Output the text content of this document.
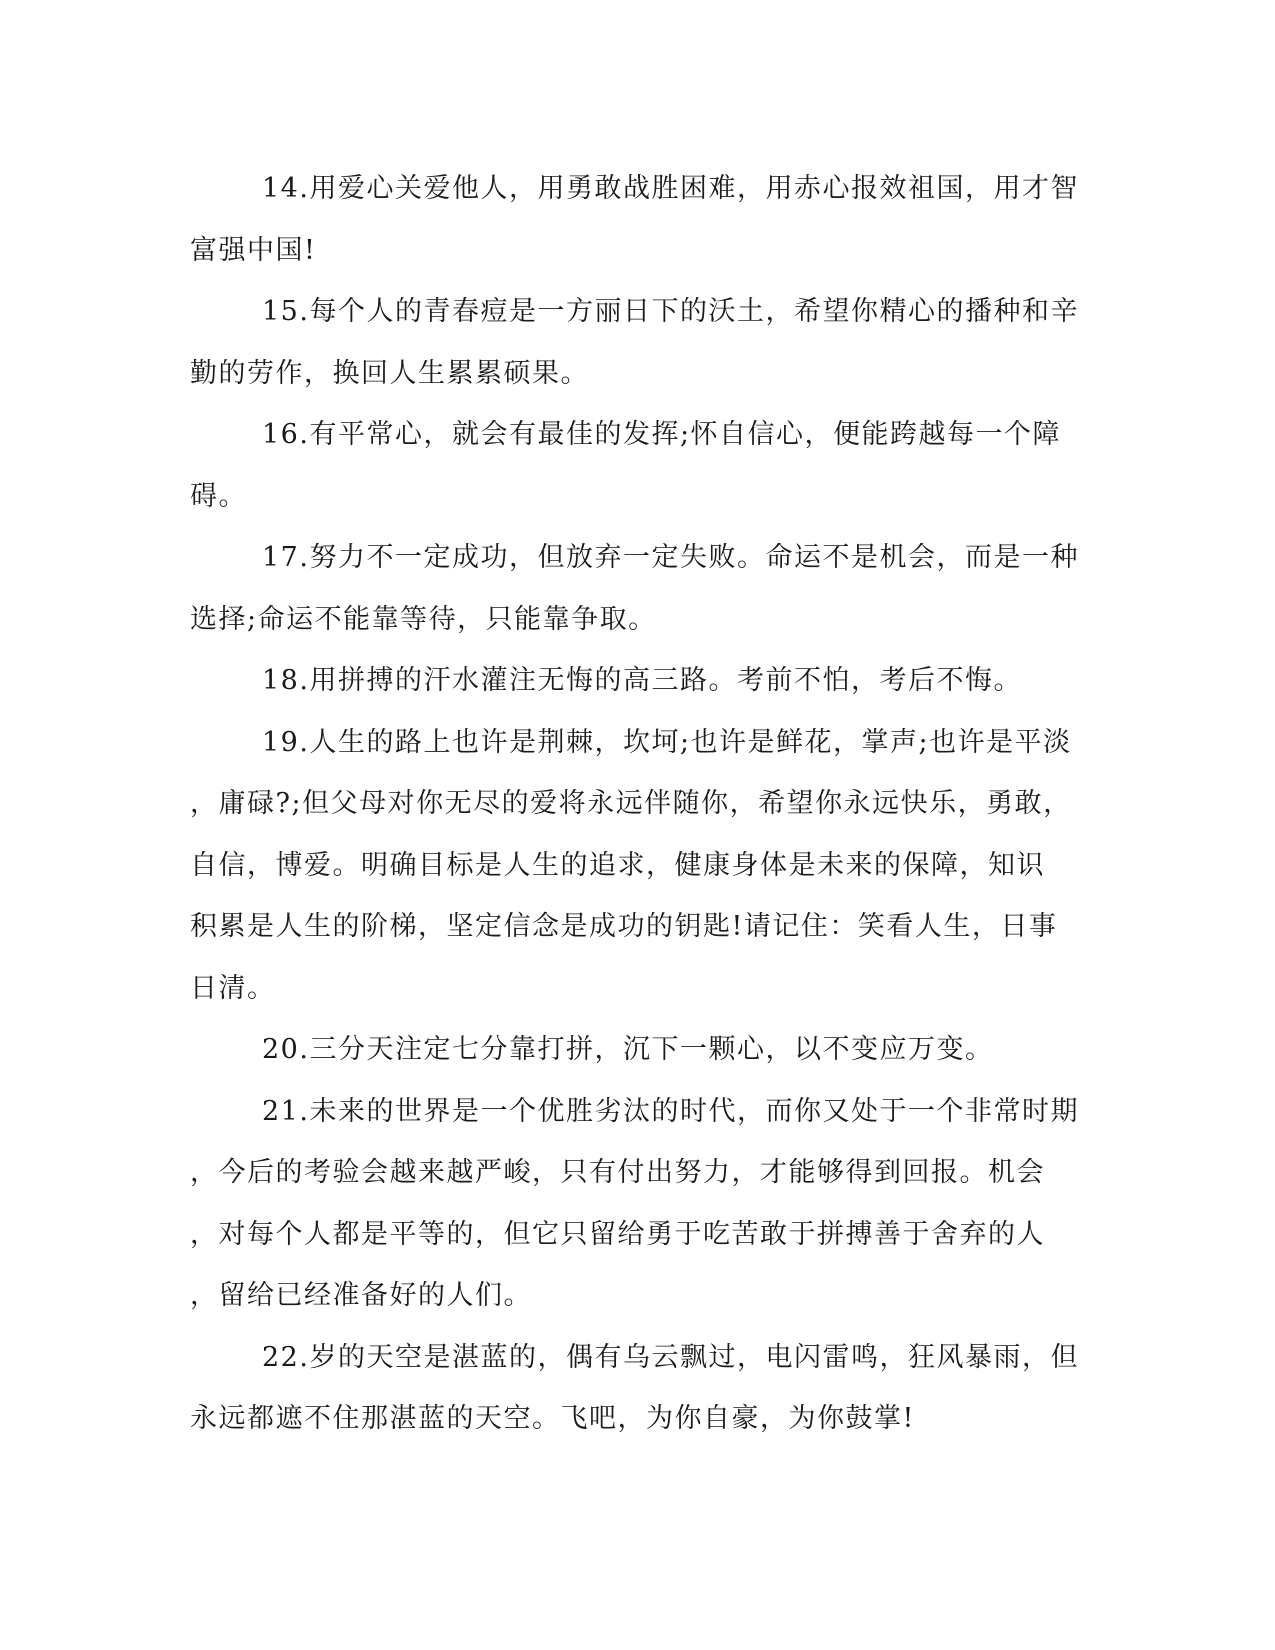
14.用爱心关爱他人，用勇敢战胜困难，用赤心报效祖国，用才智
富强中国!

15.每个人的青春痘是一方丽日下的沃土，希望你精心的播种和辛
勤的劳作，换回人生累累硕果。

16.有平常心，就会有最佳的发挥;怀自信心，便能跨越每一个障
碍。

17.努力不一定成功，但放弃一定失败。命运不是机会，而是一种
选择;命运不能靠等待，只能靠争取。

18.用拼搏的汗水灌注无悔的高三路。考前不怕，考后不悔。

19.人生的路上也许是荆棘，坎坷;也许是鲜花，掌声;也许是平淡
，庸碌?;但父母对你无尽的爱将永远伴随你，希望你永远快乐，勇敢，
自信，博爱。明确目标是人生的追求，健康身体是未来的保障，知识
积累是人生的阶梯，坚定信念是成功的钥匙!请记住：笑看人生，日事
日清。

20.三分天注定七分靠打拼，沉下一颗心，以不变应万变。

21.未来的世界是一个优胜劣汰的时代，而你又处于一个非常时期
，今后的考验会越来越严峻，只有付出努力，才能够得到回报。机会
，对每个人都是平等的，但它只留给勇于吃苦敢于拼搏善于舍弃的人
，留给已经准备好的人们。

22.岁的天空是湛蓝的，偶有乌云飘过，电闪雷鸣，狂风暴雨，但
永远都遮不住那湛蓝的天空。飞吧，为你自豪，为你鼓掌!
